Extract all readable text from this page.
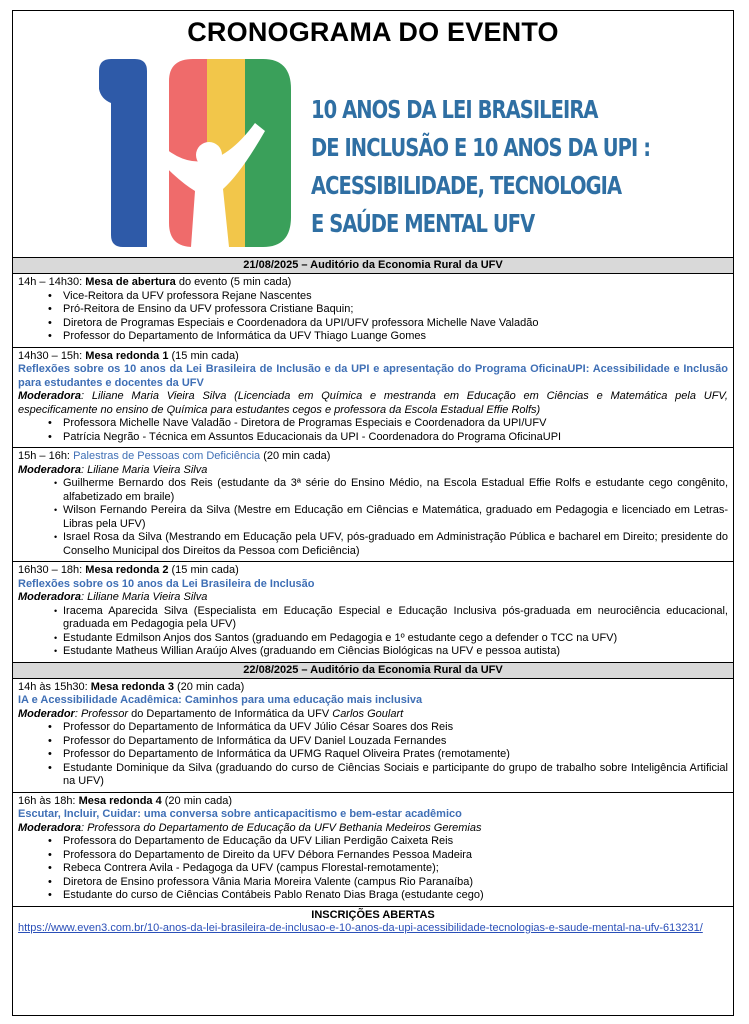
CRONOGRAMA DO EVENTO
10 ANOS DA LEI BRASILEIRA
DE INCLUSÃO E 10 ANOS DA UPI :
ACESSIBILIDADE, TECNOLOGIA
E SAÚDE MENTAL UFV
21/08/2025 – Auditório da Economia Rural da UFV
14h – 14h30: Mesa de abertura do evento (5 min cada)
• Vice-Reitora da UFV professora Rejane Nascentes
• Pró-Reitora de Ensino da UFV professora Cristiane Baquin;
• Diretora de Programas Especiais e Coordenadora da UPI/UFV professora Michelle Nave Valadão
• Professor do Departamento de Informática da UFV Thiago Luange Gomes
14h30 – 15h: Mesa redonda 1 (15 min cada)
Reflexões sobre os 10 anos da Lei Brasileira de Inclusão e da UPI e apresentação do Programa OficinaUPI: Acessibilidade e Inclusão para estudantes e docentes da UFV
Moderadora: Liliane Maria Vieira Silva (Licenciada em Química e mestranda em Educação em Ciências e Matemática pela UFV, especificamente no ensino de Química para estudantes cegos e professora da Escola Estadual Effie Rolfs)
• Professora Michelle Nave Valadão - Diretora de Programas Especiais e Coordenadora da UPI/UFV
• Patrícia Negrão - Técnica em Assuntos Educacionais da UPI - Coordenadora do Programa OficinaUPI
15h – 16h: Palestras de Pessoas com Deficiência (20 min cada)
Moderadora: Liliane Maria Vieira Silva
• Guilherme Bernardo dos Reis (estudante da 3ª série do Ensino Médio, na Escola Estadual Effie Rolfs e estudante cego congênito, alfabetizado em braile)
• Wilson Fernando Pereira da Silva (Mestre em Educação em Ciências e Matemática, graduado em Pedagogia e licenciado em Letras-Libras pela UFV)
• Israel Rosa da Silva (Mestrando em Educação pela UFV, pós-graduado em Administração Pública e bacharel em Direito; presidente do Conselho Municipal dos Direitos da Pessoa com Deficiência)
16h30 – 18h: Mesa redonda 2 (15 min cada)
Reflexões sobre os 10 anos da Lei Brasileira de Inclusão
Moderadora: Liliane Maria Vieira Silva
• Iracema Aparecida Silva (Especialista em Educação Especial e Educação Inclusiva pós-graduada em neurociência educacional, graduada em Pedagogia pela UFV)
• Estudante Edmilson Anjos dos Santos (graduando em Pedagogia e 1º estudante cego a defender o TCC na UFV)
• Estudante Matheus Willian Araújo Alves (graduando em Ciências Biológicas na UFV e pessoa autista)
22/08/2025 – Auditório da Economia Rural da UFV
14h às 15h30: Mesa redonda 3 (20 min cada)
IA e Acessibilidade Acadêmica: Caminhos para uma educação mais inclusiva
Moderador: Professor do Departamento de Informática da UFV Carlos Goulart
• Professor do Departamento de Informática da UFV Júlio César Soares dos Reis
• Professor do Departamento de Informática da UFV Daniel Louzada Fernandes
• Professor do Departamento de Informática da UFMG Raquel Oliveira Prates (remotamente)
• Estudante Dominique da Silva (graduando do curso de Ciências Sociais e participante do grupo de trabalho sobre Inteligência Artificial na UFV)
16h às 18h: Mesa redonda 4 (20 min cada)
Escutar, Incluir, Cuidar: uma conversa sobre anticapacitismo e bem-estar acadêmico
Moderadora: Professora do Departamento de Educação da UFV Bethania Medeiros Geremias
• Professora do Departamento de Educação da UFV Lilian Perdigão Caixeta Reis
• Professora do Departamento de Direito da UFV Débora Fernandes Pessoa Madeira
• Rebeca Contrera Avila - Pedagoga da UFV (campus Florestal-remotamente);
• Diretora de Ensino professora Vânia Maria Moreira Valente (campus Rio Paranaíba)
• Estudante do curso de Ciências Contábeis Pablo Renato Dias Braga (estudante cego)
INSCRIÇÕES ABERTAS
https://www.even3.com.br/10-anos-da-lei-brasileira-de-inclusao-e-10-anos-da-upi-acessibilidade-tecnologias-e-saude-mental-na-ufv-613231/
